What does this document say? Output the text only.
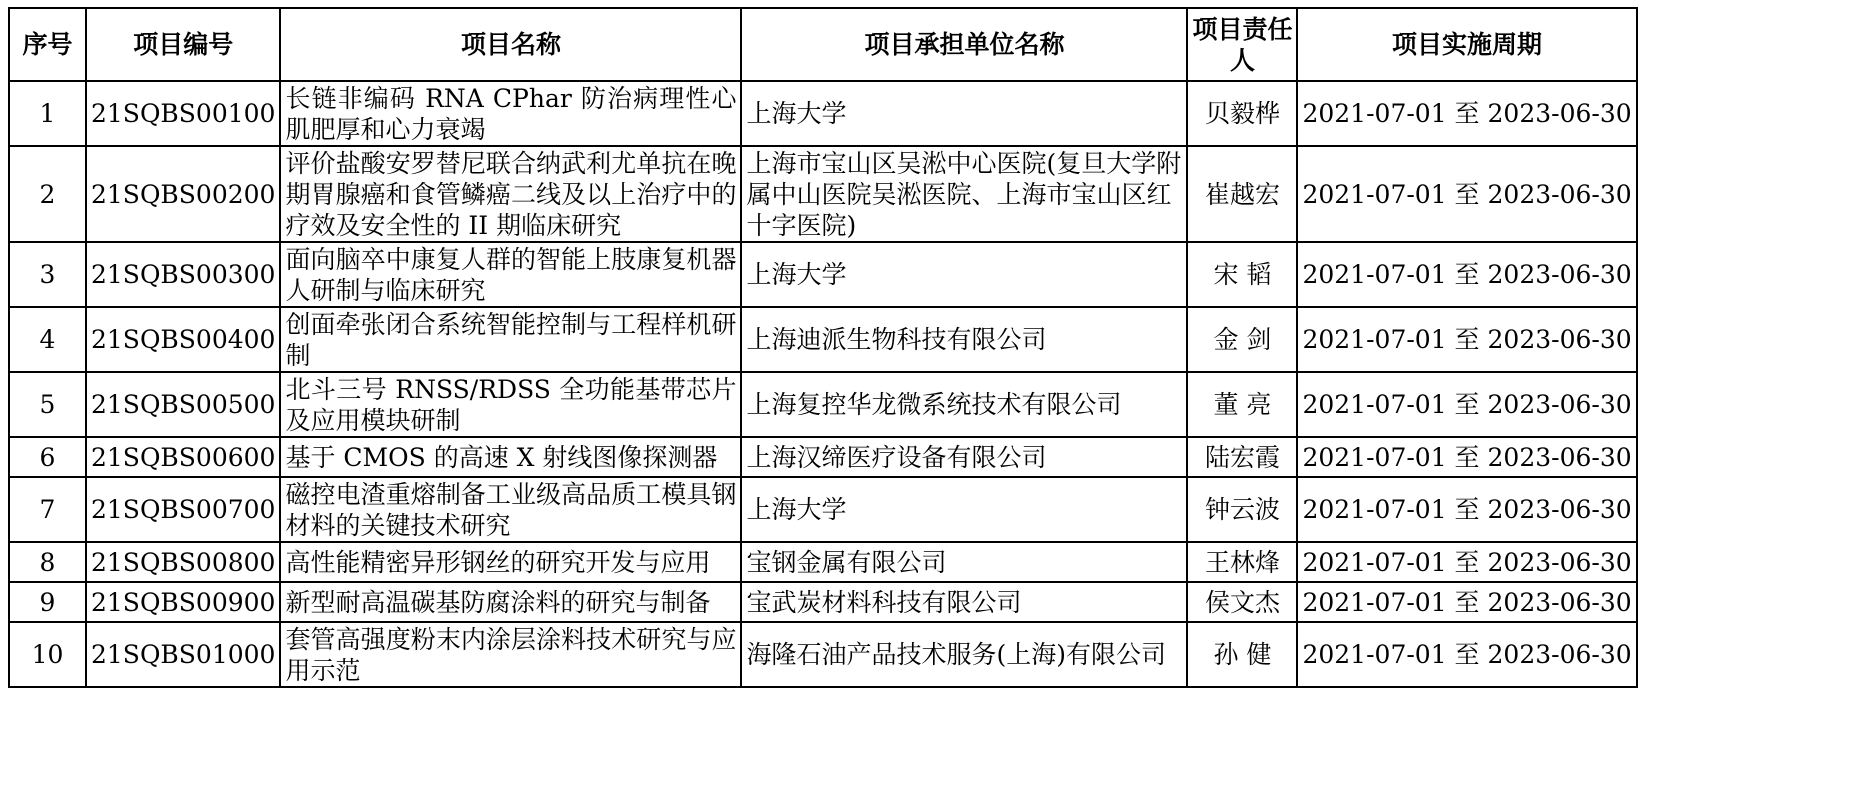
序号	项目编号	项目名称	项目承担单位名称	项目责任人	项目实施周期
1	21SQBS00100	长链非编码 RNA CPhar 防治病理性心肌肥厚和心力衰竭	上海大学	贝毅桦	2021-07-01 至 2023-06-30
2	21SQBS00200	评价盐酸安罗替尼联合纳武利尤单抗在晚期胃腺癌和食管鳞癌二线及以上治疗中的疗效及安全性的 II 期临床研究	上海市宝山区吴淞中心医院(复旦大学附属中山医院吴淞医院、上海市宝山区红十字医院)	崔越宏	2021-07-01 至 2023-06-30
3	21SQBS00300	面向脑卒中康复人群的智能上肢康复机器人研制与临床研究	上海大学	宋 韬	2021-07-01 至 2023-06-30
4	21SQBS00400	创面牵张闭合系统智能控制与工程样机研制	上海迪派生物科技有限公司	金 剑	2021-07-01 至 2023-06-30
5	21SQBS00500	北斗三号 RNSS/RDSS 全功能基带芯片及应用模块研制	上海复控华龙微系统技术有限公司	董 亮	2021-07-01 至 2023-06-30
6	21SQBS00600	基于 CMOS 的高速 X 射线图像探测器	上海汉缔医疗设备有限公司	陆宏霞	2021-07-01 至 2023-06-30
7	21SQBS00700	磁控电渣重熔制备工业级高品质工模具钢材料的关键技术研究	上海大学	钟云波	2021-07-01 至 2023-06-30
8	21SQBS00800	高性能精密异形钢丝的研究开发与应用	宝钢金属有限公司	王林烽	2021-07-01 至 2023-06-30
9	21SQBS00900	新型耐高温碳基防腐涂料的研究与制备	宝武炭材料科技有限公司	侯文杰	2021-07-01 至 2023-06-30
10	21SQBS01000	套管高强度粉末内涂层涂料技术研究与应用示范	海隆石油产品技术服务(上海)有限公司	孙 健	2021-07-01 至 2023-06-30
